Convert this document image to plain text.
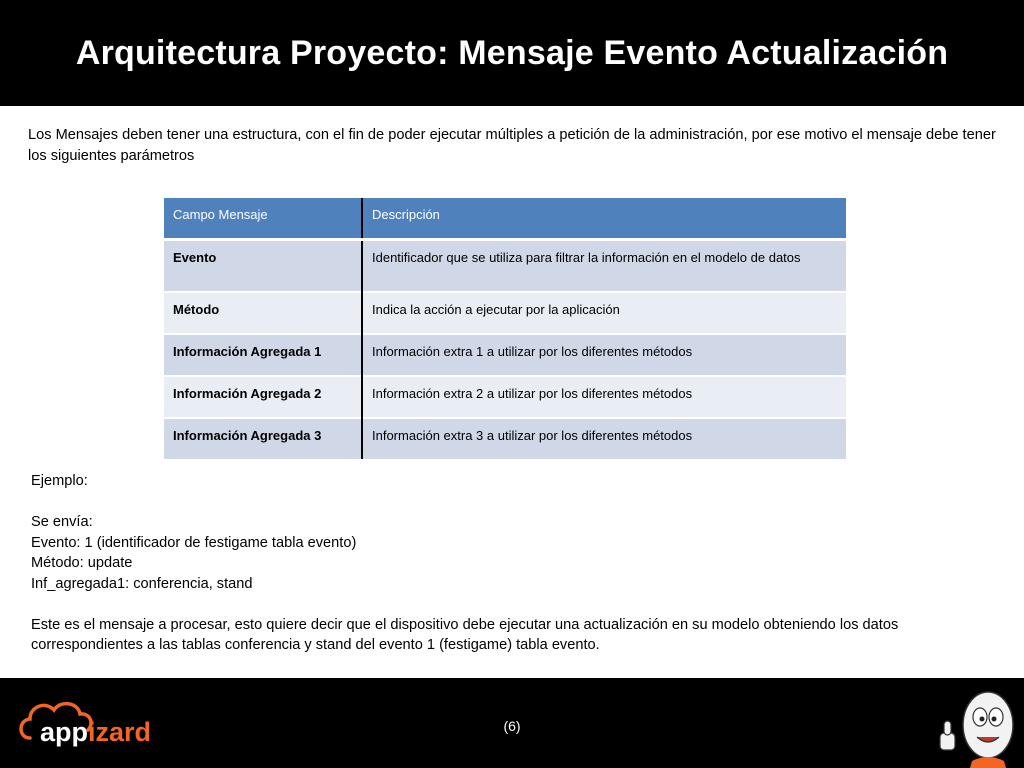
Arquitectura Proyecto: Mensaje Evento Actualización
Los Mensajes deben tener una estructura, con el fin de poder ejecutar múltiples a petición de la administración, por ese motivo el mensaje debe tener los siguientes parámetros
Campo Mensaje	Descripción
Evento	Identificador que se utiliza para filtrar la información en el modelo de datos
Método	Indica la acción a ejecutar por la aplicación
Información Agregada 1	Información extra 1 a utilizar por los diferentes métodos
Información Agregada 2	Información extra 2 a utilizar por los diferentes métodos
Información Agregada 3	Información extra 3 a utilizar por los diferentes métodos

Ejemplo:

Se envía:

Evento: 1 (identificador de festigame tabla evento)

Método: update

Inf_agregada1: conferencia, stand

Este es el mensaje a procesar, esto quiere decir que el dispositivo debe ejecutar una actualización en su modelo obteniendo los datos correspondientes a las tablas conferencia y stand del evento 1 (festigame) tabla evento.

appizard	(6)
